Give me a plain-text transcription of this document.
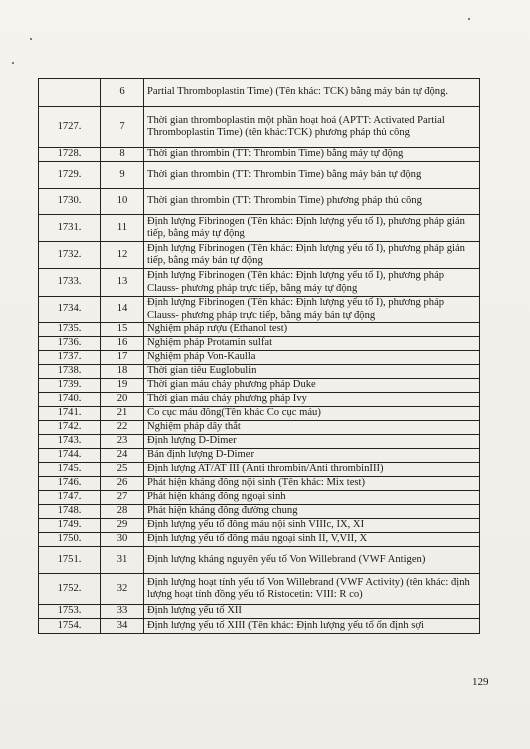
	6	Partial Thromboplastin Time) (Tên khác: TCK) bằng máy bán tự động.
1727.	7	Thời gian thromboplastin một phần hoạt hoá (APTT: Activated Partial Thromboplastin Time) (tên khác:TCK) phương pháp thủ công
1728.	8	Thời gian thrombin (TT: Thrombin Time) bằng máy tự động
1729.	9	Thời gian thrombin (TT: Thrombin Time) bằng máy bán tự động
1730.	10	Thời gian thrombin (TT: Thrombin Time) phương pháp thủ công
1731.	11	Định lượng Fibrinogen (Tên khác: Định lượng yếu tố I), phương pháp gián tiếp, bằng máy tự động
1732.	12	Định lượng Fibrinogen (Tên khác: Định lượng yếu tố I), phương pháp gián tiếp, bằng máy bán tự động
1733.	13	Định lượng Fibrinogen (Tên khác: Định lượng yếu tố I), phương pháp Clauss- phương pháp trực tiếp, bằng máy tự động
1734.	14	Định lượng Fibrinogen (Tên khác: Định lượng yếu tố I), phương pháp Clauss- phương pháp trực tiếp, bằng máy bán tự động
1735.	15	Nghiệm pháp rượu (Ethanol test)
1736.	16	Nghiệm pháp Protamin sulfat
1737.	17	Nghiệm pháp Von-Kaulla
1738.	18	Thời gian tiêu Euglobulin
1739.	19	Thời gian máu chảy phương pháp Duke
1740.	20	Thời gian máu chảy phương pháp Ivy
1741.	21	Co cục máu đông(Tên khác Co cục máu)
1742.	22	Nghiệm pháp dây thắt
1743.	23	Định lượng D-Dimer
1744.	24	Bán định lượng D-Dimer
1745.	25	Định lượng AT/AT III (Anti thrombin/Anti thrombinIII)
1746.	26	Phát hiện kháng đông nội sinh (Tên khác: Mix test)
1747.	27	Phát hiện kháng đông ngoại sinh
1748.	28	Phát hiện kháng đông đường chung
1749.	29	Định lượng yếu tố đông máu nội sinh VIIIc, IX, XI
1750.	30	Định lượng yếu tố đông máu ngoại sinh II, V,VII, X
1751.	31	Định lượng kháng nguyên yếu tố Von Willebrand (VWF Antigen)
1752.	32	Định lượng hoạt tính yếu tố Von Willebrand (VWF Activity) (tên khác: định lượng hoạt tính đồng yếu tố Ristocetin: VIII: R co)
1753.	33	Định lượng yếu tố XII
1754.	34	Định lượng yếu tố XIII (Tên khác: Định lượng yếu tố ổn định sợi
129
